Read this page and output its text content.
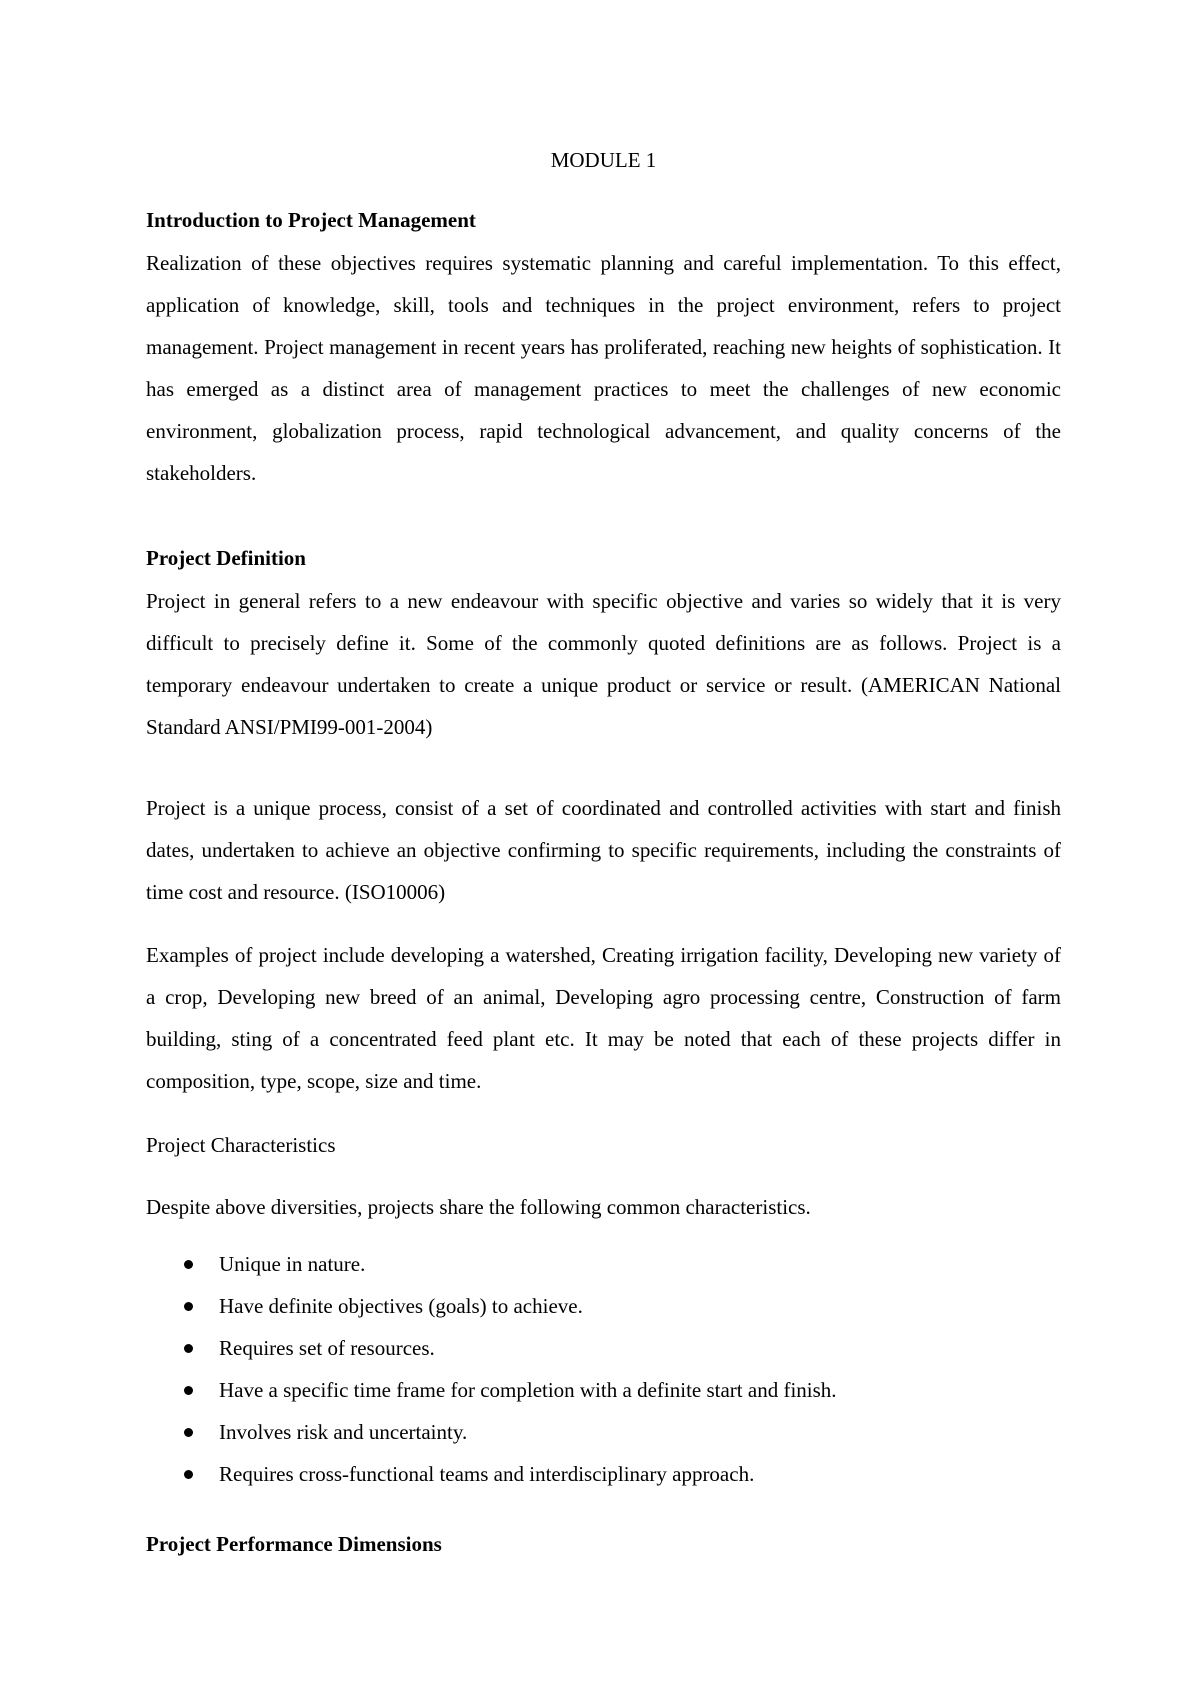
MODULE 1
Introduction to Project Management

Realization of these objectives requires systematic planning and careful implementation. To this effect, application of knowledge, skill, tools and techniques in the project environment, refers to project management. Project management in recent years has proliferated, reaching new heights of sophistication. It has emerged as a distinct area of management practices to meet the challenges of new economic environment, globalization process, rapid technological advancement, and quality concerns of the stakeholders.

Project Definition

Project in general refers to a new endeavour with specific objective and varies so widely that it is very difficult to precisely define it. Some of the commonly quoted definitions are as follows. Project is a temporary endeavour undertaken to create a unique product or service or result. (AMERICAN National Standard ANSI/PMI99-001-2004)

Project is a unique process, consist of a set of coordinated and controlled activities with start and finish dates, undertaken to achieve an objective confirming to specific requirements, including the constraints of time cost and resource. (ISO10006)

Examples of project include developing a watershed, Creating irrigation facility, Developing new variety of a crop, Developing new breed of an animal, Developing agro processing centre, Construction of farm building, sting of a concentrated feed plant etc. It may be noted that each of these projects differ in composition, type, scope, size and time.

Project Characteristics
Despite above diversities, projects share the following common characteristics.
Unique in nature.
Have definite objectives (goals) to achieve.
Requires set of resources.
Have a specific time frame for completion with a definite start and finish.
Involves risk and uncertainty.
Requires cross-functional teams and interdisciplinary approach.
Project Performance Dimensions
